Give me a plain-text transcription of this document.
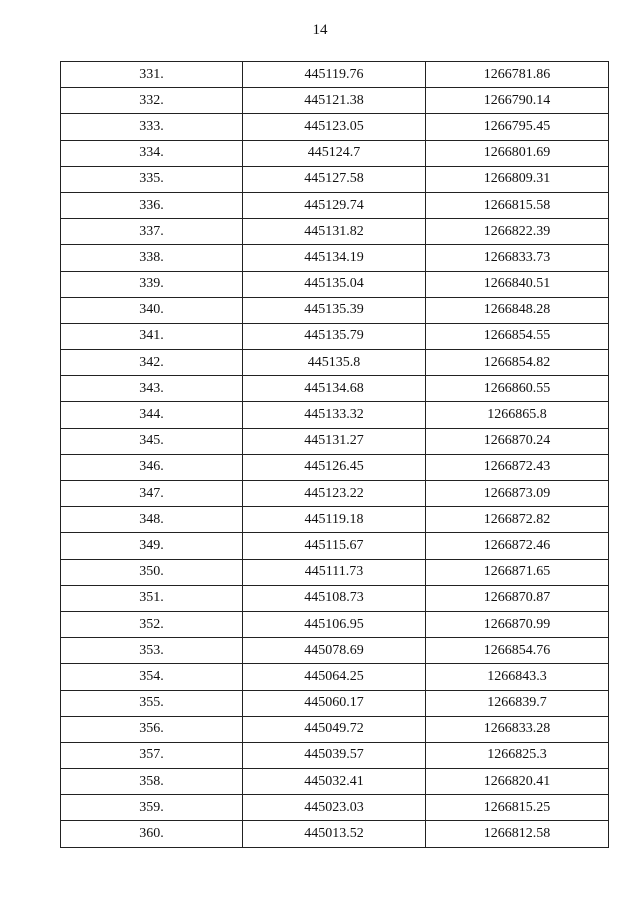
14
331.	445119.76	1266781.86
332.	445121.38	1266790.14
333.	445123.05	1266795.45
334.	445124.7	1266801.69
335.	445127.58	1266809.31
336.	445129.74	1266815.58
337.	445131.82	1266822.39
338.	445134.19	1266833.73
339.	445135.04	1266840.51
340.	445135.39	1266848.28
341.	445135.79	1266854.55
342.	445135.8	1266854.82
343.	445134.68	1266860.55
344.	445133.32	1266865.8
345.	445131.27	1266870.24
346.	445126.45	1266872.43
347.	445123.22	1266873.09
348.	445119.18	1266872.82
349.	445115.67	1266872.46
350.	445111.73	1266871.65
351.	445108.73	1266870.87
352.	445106.95	1266870.99
353.	445078.69	1266854.76
354.	445064.25	1266843.3
355.	445060.17	1266839.7
356.	445049.72	1266833.28
357.	445039.57	1266825.3
358.	445032.41	1266820.41
359.	445023.03	1266815.25
360.	445013.52	1266812.58
